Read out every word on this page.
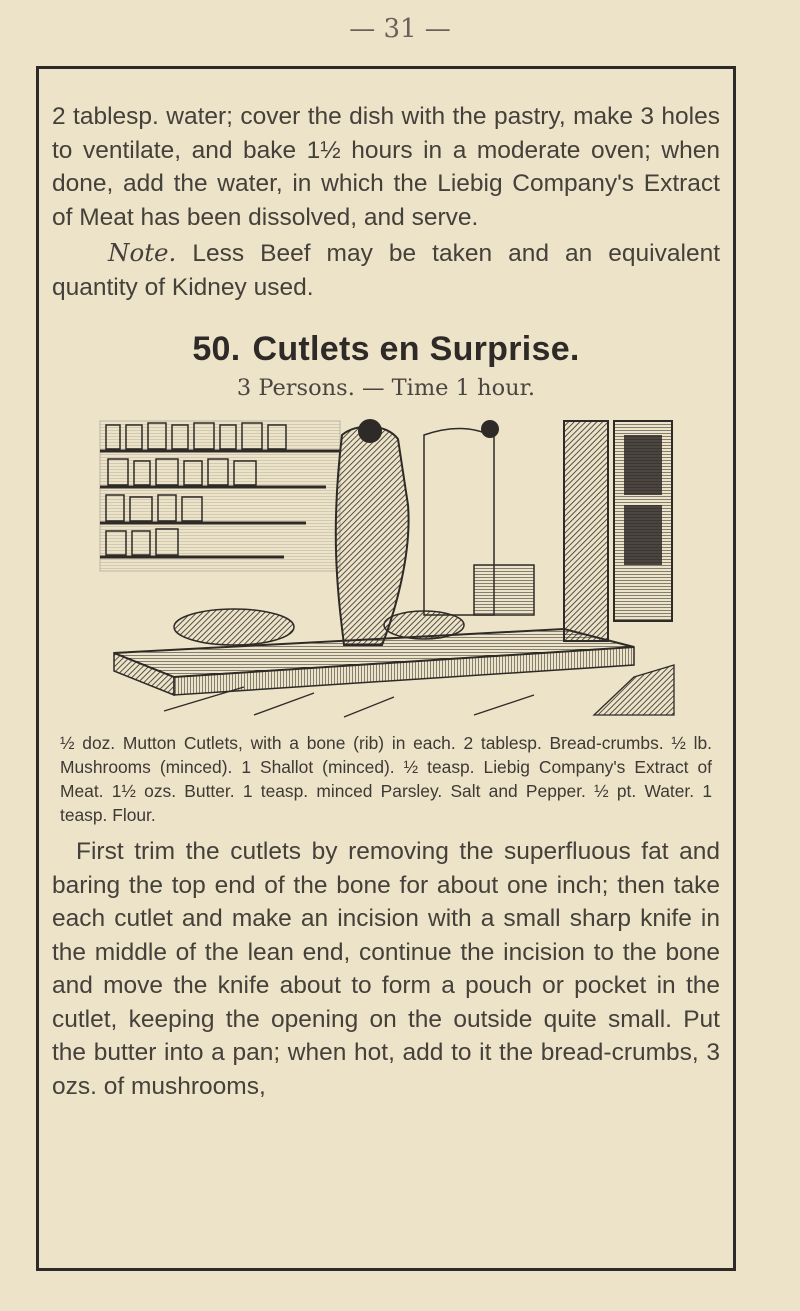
— 31 —

2 tablesp. water; cover the dish with the pastry, make 3 holes to ventilate, and bake 1½ hours in a moderate oven; when done, add the water, in which the Liebig Company's Extract of Meat has been dissolved, and serve.

Note. Less Beef may be taken and an equivalent quantity of Kidney used.

50. Cutlets en Surprise.

3 Persons. — Time 1 hour.

½ doz. Mutton Cutlets, with a bone (rib) in each. 2 tablesp. Bread-crumbs. ½ lb. Mushrooms (minced). 1 Shallot (minced). ½ teasp. Liebig Company's Extract of Meat. 1½ ozs. Butter. 1 teasp. minced Parsley. Salt and Pepper. ½ pt. Water. 1 teasp. Flour.

First trim the cutlets by removing the superfluous fat and baring the top end of the bone for about one inch; then take each cutlet and make an incision with a small sharp knife in the middle of the lean end, continue the incision to the bone and move the knife about to form a pouch or pocket in the cutlet, keeping the opening on the outside quite small. Put the butter into a pan; when hot, add to it the bread-crumbs, 3 ozs. of mushrooms,
